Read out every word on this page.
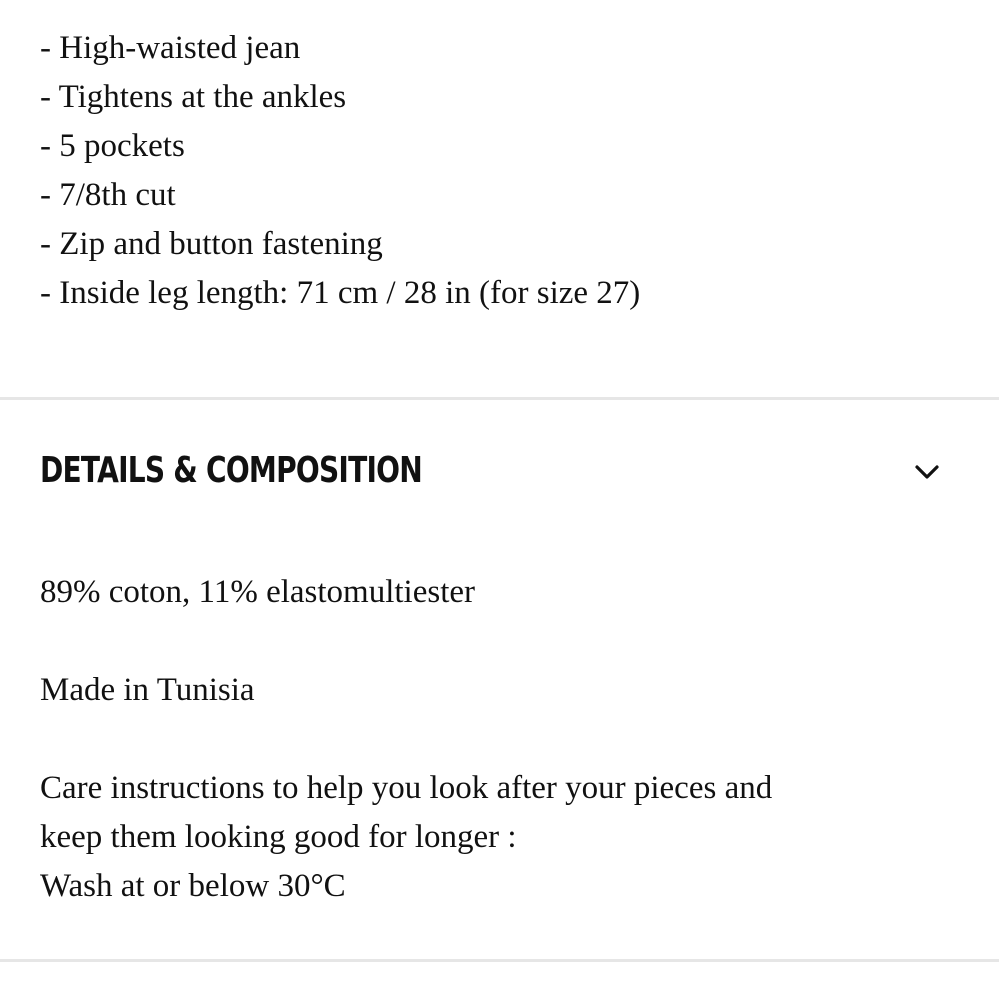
- High-waisted jean
- Tightens at the ankles
- 5 pockets
- 7/8th cut
- Zip and button fastening
- Inside leg length: 71 cm / 28 in (for size 27)
DETAILS & COMPOSITION

89% coton, 11% elastomultiester

Made in Tunisia

Care instructions to help you look after your pieces and
keep them looking good for longer :
Wash at or below 30°C
